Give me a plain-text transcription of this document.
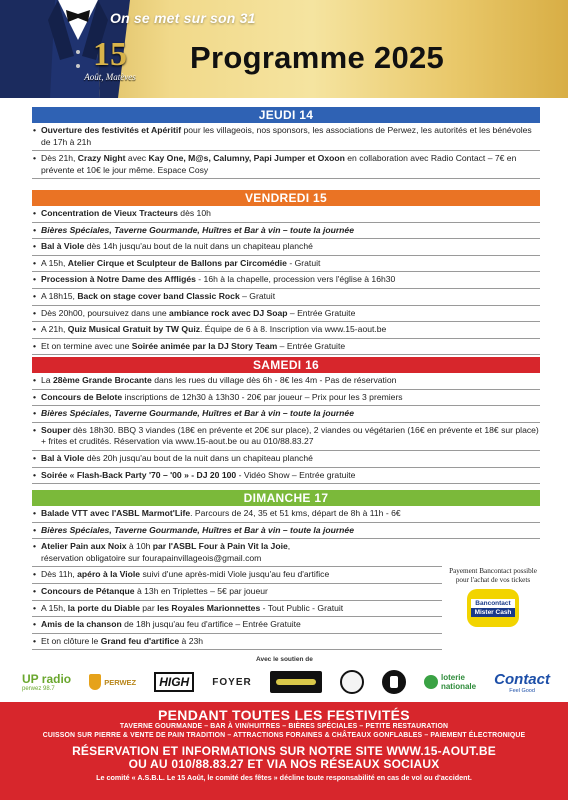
15
Août, Matèves
On se met sur son 31
Programme 2025
JEUDI 14
• Ouverture des festivités et Apéritif pour les villageois, nos sponsors, les associations de Perwez, les autorités et les bénévoles de 17h à 21h
• Dès 21h, Crazy Night avec Kay One, M@s, Calumny, Papi Jumper et Oxoon en collaboration avec Radio Contact – 7€ en prévente et 10€ le jour même. Espace Cosy
VENDREDI 15
• Concentration de Vieux Tracteurs dès 10h
• Bières Spéciales, Taverne Gourmande, Huîtres et Bar à vin – toute la journée
• Bal à Viole dès 14h jusqu'au bout de la nuit dans un chapiteau planché
• A 15h, Atelier Cirque et Sculpteur de Ballons par Circomédie - Gratuit
• Procession à Notre Dame des Affligés - 16h à la chapelle, procession vers l'église à 16h30
• A 18h15, Back on stage cover band Classic Rock – Gratuit
• Dès 20h00, poursuivez dans une ambiance rock avec DJ Soap – Entrée Gratuite
• A 21h, Quiz Musical Gratuit by TW Quiz. Équipe de 6 à 8. Inscription via www.15-aout.be
• Et on termine avec une Soirée animée par la DJ Story Team – Entrée Gratuite
SAMEDI 16
• La 28ème Grande Brocante dans les rues du village dès 6h - 8€ les 4m - Pas de réservation
• Concours de Belote inscriptions de 12h30 à 13h30 - 20€ par joueur – Prix pour les 3 premiers
• Bières Spéciales, Taverne Gourmande, Huîtres et Bar à vin – toute la journée
• Souper dès 18h30. BBQ 3 viandes (18€ en prévente et 20€ sur place), 2 viandes ou végétarien (16€ en prévente et 18€ sur place) + frites et crudités. Réservation via www.15-aout.be ou au 010/88.83.27
• Bal à Viole dès 20h jusqu'au bout de la nuit dans un chapiteau planché
• Soirée « Flash-Back Party '70 – '00 » - DJ 20 100 - Vidéo Show – Entrée gratuite
DIMANCHE 17
• Balade VTT avec l'ASBL Marmot'Life. Parcours de 24, 35 et 51 kms, départ de 8h à 11h - 6€
• Bières Spéciales, Taverne Gourmande, Huîtres et Bar à vin – toute la journée
• Atelier Pain aux Noix à 10h par l'ASBL Four à Pain Vit la Joie,
réservation obligatoire sur fourapainvillageois@gmail.com
• Dès 11h, apéro à la Viole suivi d'une après-midi Viole jusqu'au feu d'artifice
• Concours de Pétanque à 13h en Triplettes – 5€ par joueur
• A 15h, la porte du Diable par les Royales Marionnettes - Tout Public - Gratuit
• Amis de la chanson de 18h jusqu'au feu d'artifice – Entrée Gratuite
• Et on clôture le Grand feu d'artifice à 23h
Payement Bancontact possible pour l'achat de vos tickets
Bancontact
Mister Cash
Avec le soutien de
UP radio
perwez 98.7
PERWEZ	HIGH	FOYER	loterie
nationale Contact
Feel Good
PENDANT TOUTES LES FESTIVITÉS
TAVERNE GOURMANDE – BAR À VIN/HUITRES – BIÈRES SPÉCIALES – PETITE RESTAURATION
CUISSON SUR PIERRE & VENTE DE PAIN TRADITION – ATTRACTIONS FORAINES & CHÂTEAUX GONFLABLES – PAIEMENT ÉLECTRONIQUE
RÉSERVATION ET INFORMATIONS SUR NOTRE SITE WWW.15-AOUT.BE
OU AU 010/88.83.27 ET VIA NOS RÉSEAUX SOCIAUX
Le comité « A.S.B.L. Le 15 Août, le comité des fêtes » décline toute responsabilité en cas de vol ou d'accident.
